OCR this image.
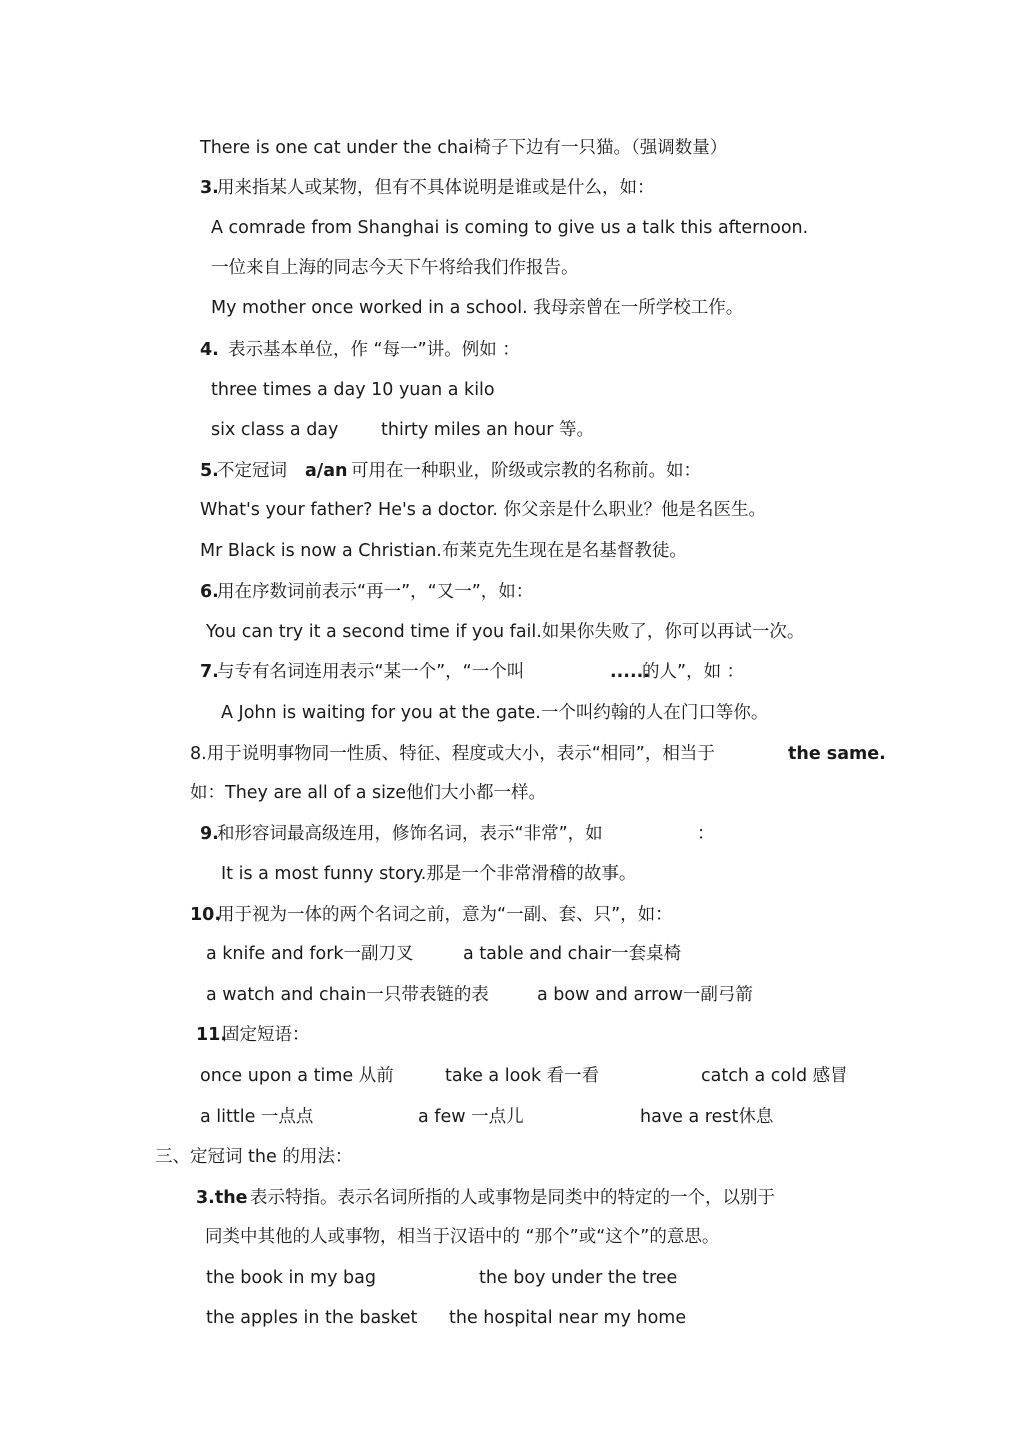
There is one cat under the chai椅子下边有一只猫。（强调数量）
3.
用来指某人或某物，但有不具体说明是谁或是什么，如：
A comrade from Shanghai is coming to give us a talk this afternoon.
一位来自上海的同志今天下午将给我们作报告。
My mother once worked in a school. 我母亲曾在一所学校工作。
4. 表示基本单位，作 “每一”讲。例如 ：
three times a day 10 yuan a kilo
six class a day thirty miles an hour 等。
5.
不定冠词 a/an 可用在一种职业，阶级或宗教的名称前。如：
What's your father? He's a doctor. 你父亲是什么职业？他是名医生。
Mr Black is now a Christian.布莱克先生现在是名基督教徒。
6.
用在序数词前表示“再一”，“又一”，如：
You can try it a second time if you fail.如果你失败了，你可以再试一次。
7.
与专有名词连用表示“某一个”，“一个叫	......
的人”，如 ：
A John is waiting for you at the gate.一个叫约翰的人在门口等你。
8.用于说明事物同一性质、特征、程度或大小，表示“相同”，相当于	the same.
如：They are all of a size他们大小都一样。
9.
和形容词最高级连用，修饰名词，表示“非常”，如	：
It is a most funny story.那是一个非常滑稽的故事。
10.
用于视为一体的两个名词之前，意为“一副、套、只”，如：
a knife and fork一副刀叉	a table and chair一套桌椅
a watch and chain一只带表链的表	a bow and arrow一副弓箭
11.
固定短语：
once upon a time 从前	take a look 看一看	catch a cold 感冒
a little 一点点	a few 一点儿	have a rest休息
三、定冠词 the 的用法：
3.the 表示特指。表示名词所指的人或事物是同类中的特定的一个，以别于
同类中其他的人或事物，相当于汉语中的 “那个”或“这个”的意思。
the book in my bag	the boy under the tree
the apples in the basket the hospital near my home
